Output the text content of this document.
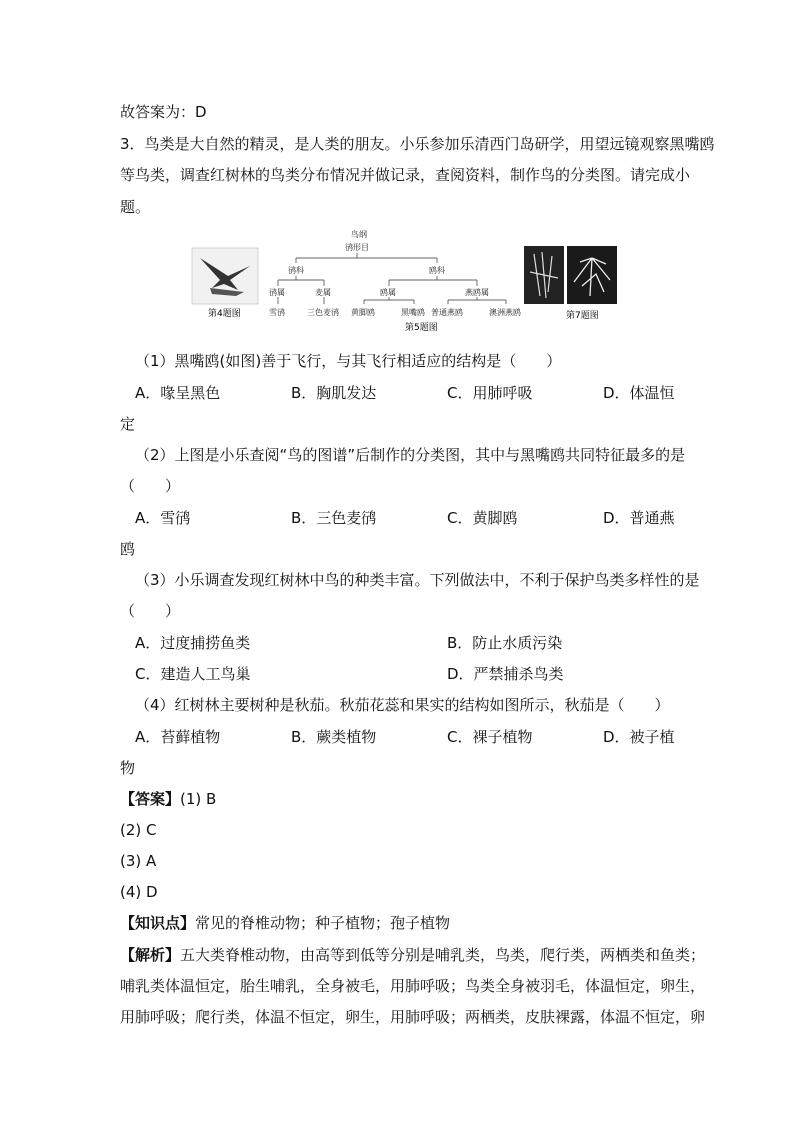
故答案为：D
3．鸟类是大自然的精灵，是人类的朋友。小乐参加乐清西门岛研学，用望远镜观察黑嘴鸥
等鸟类，调查红树林的鸟类分布情况并做记录，查阅资料，制作鸟的分类图。请完成小
题。
第4题图
鸟纲
鸻形目
鸻科	鸥科
鸻属	麦属	鸥属	燕鸥属
雪鸻	三色麦鸻 黄脚鸥	黑嘴鸥 普通燕鸥	澳洲燕鸥
第5题图
第7题图
（1）黑嘴鸥(如图)善于飞行，与其飞行相适应的结构是（　　）
A．喙呈黑色	B．胸肌发达	C．用肺呼吸	D．体温恒
定
（2）上图是小乐查阅“鸟的图谱”后制作的分类图，其中与黑嘴鸥共同特征最多的是
（　　）
A．雪鸻	B．三色麦鸻	C．黄脚鸥	D．普通燕
鸥
（3）小乐调查发现红树林中鸟的种类丰富。下列做法中，不利于保护鸟类多样性的是
（　　）
A．过度捕捞鱼类	B．防止水质污染
C．建造人工鸟巢	D．严禁捕杀鸟类
（4）红树林主要树种是秋茄。秋茄花蕊和果实的结构如图所示，秋茄是（　　）
A．苔藓植物	B．蕨类植物	C．裸子植物	D．被子植
物
【答案】(1) B
(2) C
(3) A
(4) D
【知识点】常见的脊椎动物；种子植物；孢子植物
【解析】五大类脊椎动物，由高等到低等分别是哺乳类，鸟类，爬行类，两栖类和鱼类；
哺乳类体温恒定，胎生哺乳，全身被毛，用肺呼吸；鸟类全身被羽毛，体温恒定，卵生，
用肺呼吸；爬行类，体温不恒定，卵生，用肺呼吸；两栖类，皮肤裸露，体温不恒定，卵
